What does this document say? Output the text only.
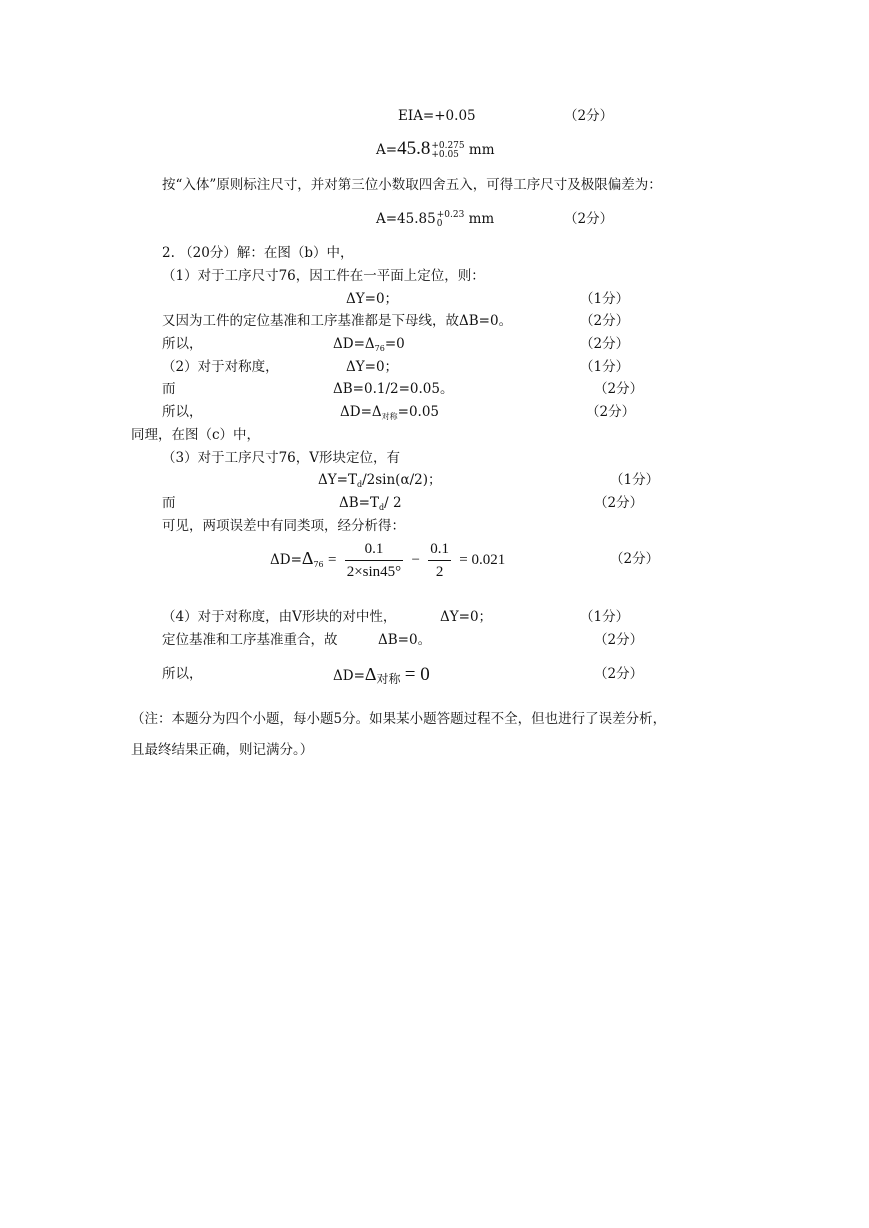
EIA=+0.05	（2分）
A=45.8 +0.275
+0.05 mm
按“入体”原则标注尺寸，并对第三位小数取四舍五入，可得工序尺寸及极限偏差为：
A=45.85 +0.23
0	mm	（2分）
2. （20分）解：在图（b）中，
（1）对于工序尺寸76，因工件在一平面上定位，则：
ΔY=0；	（1分）
又因为工件的定位基准和工序基准都是下母线，故ΔB=0。	（2分）
所以，	$\Delta D=\Delta_{76}=0$	（2分）
（2）对于对称度，	ΔY=0；	（1分）
而	ΔB=0.1/2=0.05。	（2分）
所以，	$\Delta D=\Delta_{对称}=0.05$	（2分）
同理，在图（c）中，
（3）对于工序尺寸76，V形块定位，有
$\Delta Y=T_d/2\sin(\alpha/2)$；	（1分）
而	$\Delta B=T_d/$ 2	（2分）
可见，两项误差中有同类项，经分析得：
$\Delta D=\Delta_{76} = \frac{0.1}{2\times\sin 45^\circ} - \frac{0.1}{2} = 0.021$	（2分）
（4）对于对称度，由V形块的对中性，	ΔY=0；	（1分）
定位基准和工序基准重合，故	ΔB=0。	（2分）
所以，	ΔD=Δ对称 = 0	（2分）
（注：本题分为四个小题，每小题5分。如果某小题答题过程不全，但也进行了误差分析，
且最终结果正确，则记满分。）
